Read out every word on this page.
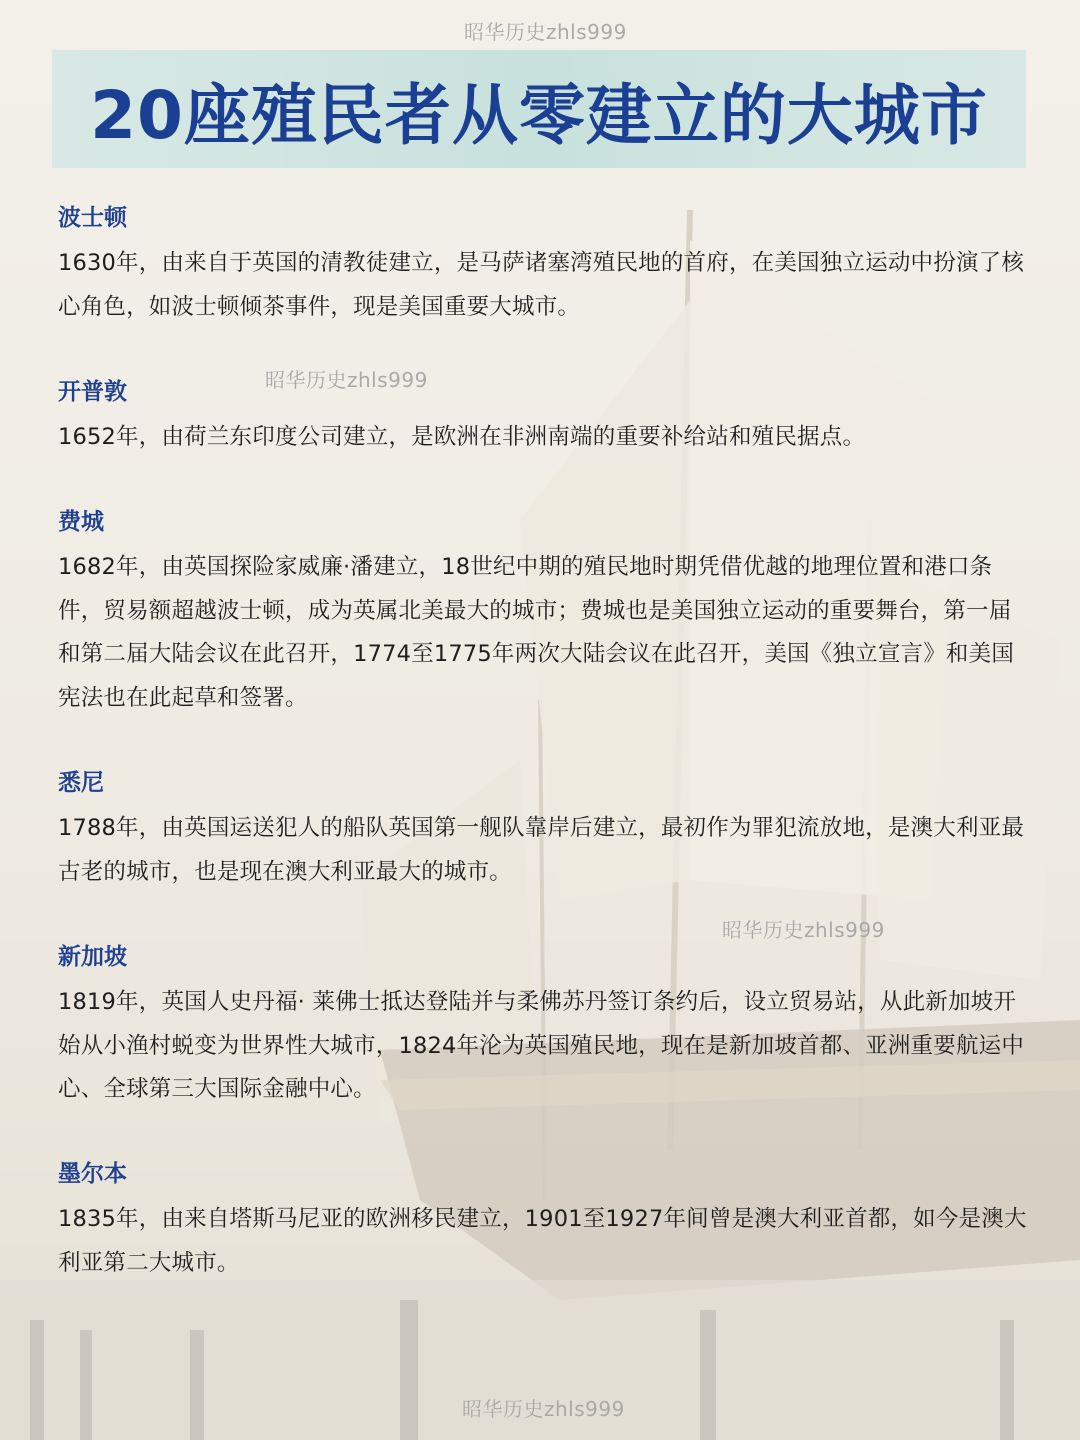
昭华历史zhls999
昭华历史zhls999
昭华历史zhls999
昭华历史zhls999
20座殖民者从零建立的大城市
波士顿

1630年，由来自于英国的清教徒建立，是马萨诸塞湾殖民地的首府，在美国独立运动中扮演了核心角色，如波士顿倾茶事件，现是美国重要大城市。

开普敦

1652年，由荷兰东印度公司建立，是欧洲在非洲南端的重要补给站和殖民据点。

费城

1682年，由英国探险家威廉·潘建立，18世纪中期的殖民地时期凭借优越的地理位置和港口条件，贸易额超越波士顿，成为英属北美最大的城市；费城也是美国独立运动的重要舞台，第一届和第二届大陆会议在此召开，1774至1775年两次大陆会议在此召开，美国《独立宣言》和美国宪法也在此起草和签署。

悉尼

1788年，由英国运送犯人的船队英国第一舰队靠岸后建立，最初作为罪犯流放地，是澳大利亚最古老的城市，也是现在澳大利亚最大的城市。

新加坡

1819年，英国人史丹福· 莱佛士抵达登陆并与柔佛苏丹签订条约后，设立贸易站，从此新加坡开始从小渔村蜕变为世界性大城市，1824年沦为英国殖民地，现在是新加坡首都、亚洲重要航运中心、全球第三大国际金融中心。

墨尔本

1835年，由来自塔斯马尼亚的欧洲移民建立，1901至1927年间曾是澳大利亚首都，如今是澳大利亚第二大城市。
